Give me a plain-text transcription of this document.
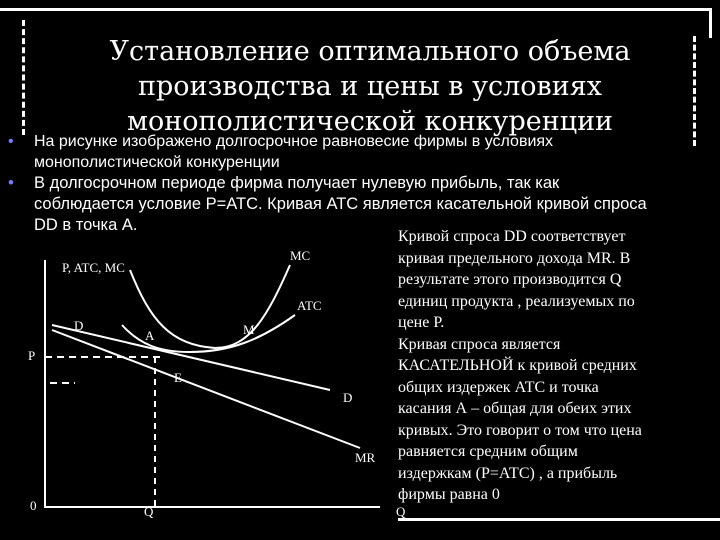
Установление оптимального объема
производства и цены в условиях
монополистической конкуренции
• На рисунке изображено долгосрочное равновесие фирмы в условиях
монополистической конкуренции
• В долгосрочном периоде фирма получает нулевую прибыль, так как
соблюдается условие P=ATC. Кривая ATC является касательной кривой спроса
DD в точка А.
P, ATC, MC
MC
ATC
D
A	M
P
E
D
MR
0	Q	Q
Кривой спроса DD соответствует
кривая предельного дохода MR. В
результате этого производится Q
единиц продукта , реализуемых по
цене Р.
Кривая спроса является
КАСАТЕЛЬНОЙ к кривой средних
общих издержек АТС и точка
касания А – общая для обеих этих
кривых. Это говорит о том что цена
равняется средним общим
издержкам (Р=АТС) , а прибыль
фирмы равна 0
